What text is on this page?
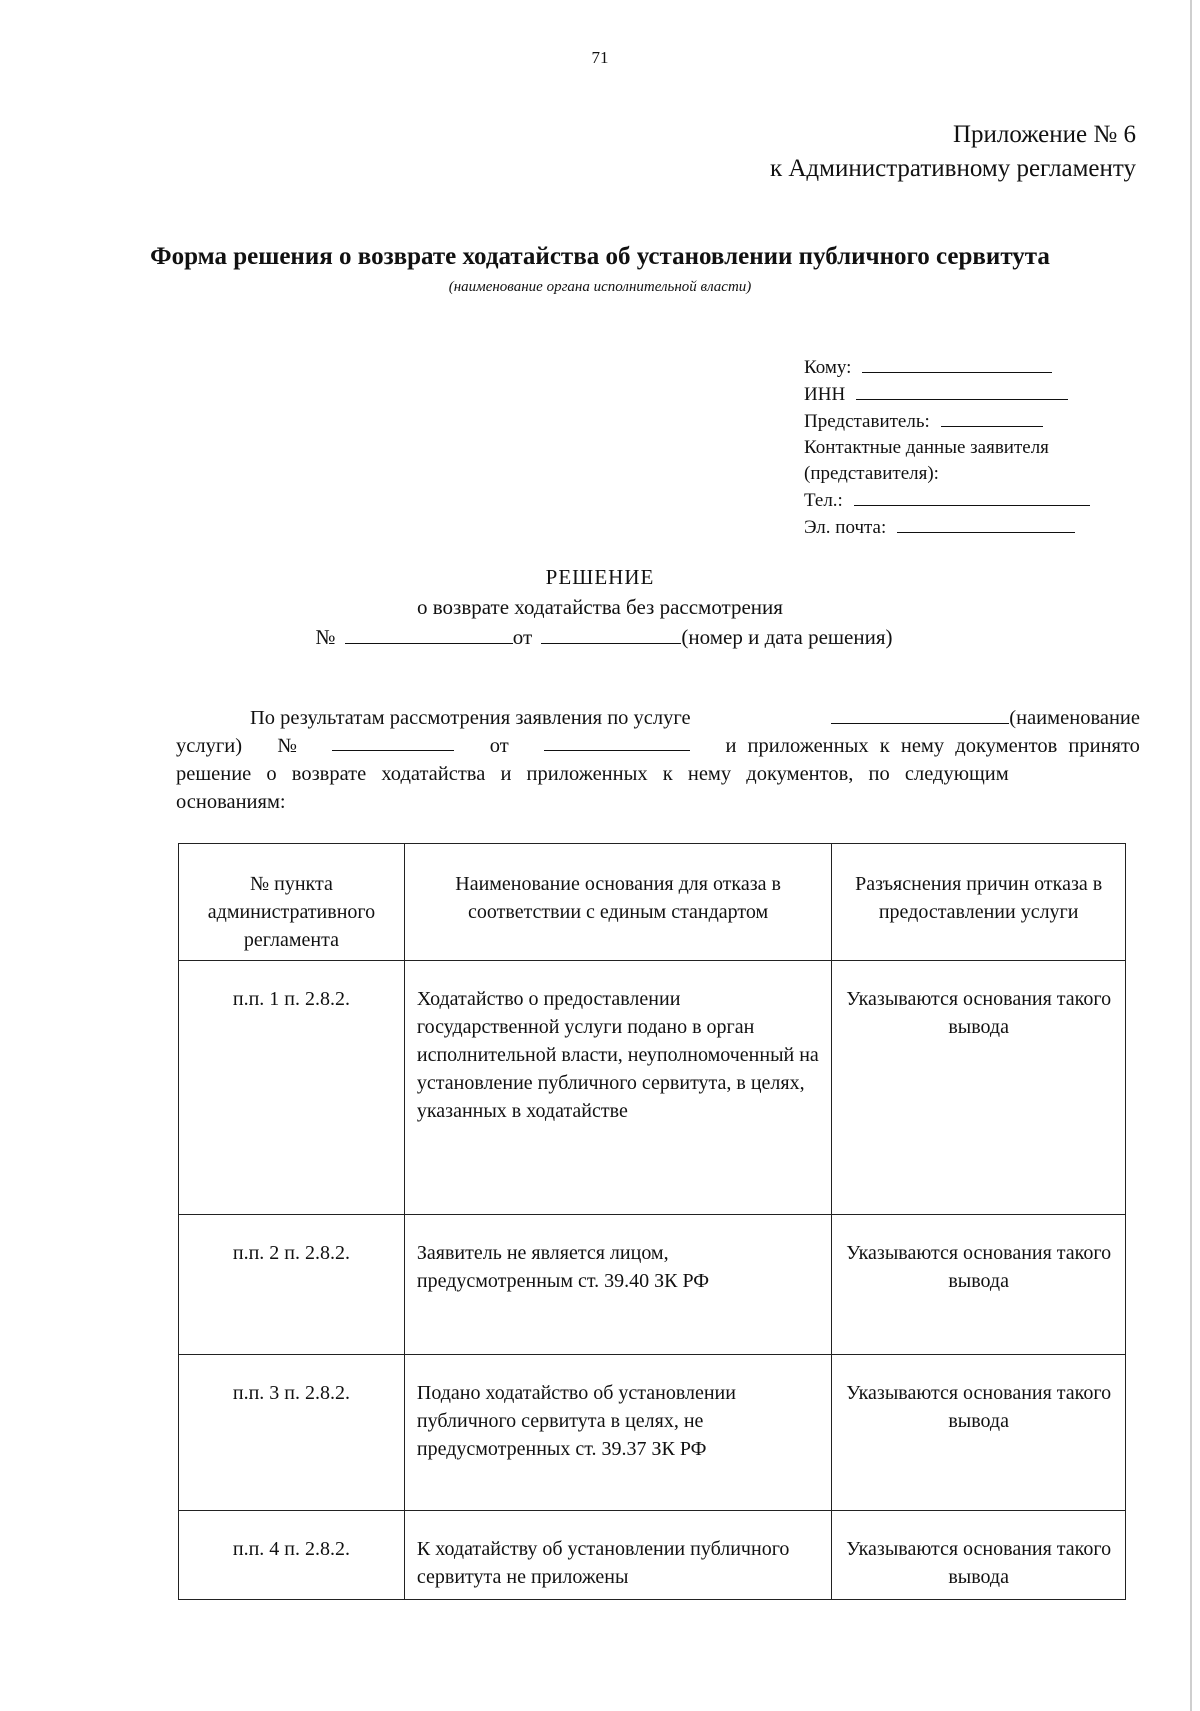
71
Приложение № 6
к Административному регламенту
Форма решения о возврате ходатайства об установлении публичного сервитута
(наименование органа исполнительной власти)
Кому:
ИНН
Представитель:
Контактные данные заявителя
(представителя):
Тел.:
Эл. почта:
РЕШЕНИЕ
о возврате ходатайства без рассмотрения
№	от	(номер и дата решения)
По результатам рассмотрения заявления по услуге	(наименование
услуги) №	от	и приложенных к нему документов принято
решение о возврате ходатайства и приложенных к нему документов, по следующим
основаниям:
№ пункта административного регламента	Наименование основания для отказа в соответствии с единым стандартом	Разъяснения причин отказа в предоставлении услуги
п.п. 1 п. 2.8.2.	Ходатайство о предоставлении государственной услуги подано в орган исполнительной власти, неуполномоченный на установление публичного сервитута, в целях, указанных в ходатайстве	Указываются основания такого вывода
п.п. 2 п. 2.8.2.	Заявитель не является лицом, предусмотренным ст. 39.40 ЗК РФ	Указываются основания такого вывода
п.п. 3 п. 2.8.2.	Подано ходатайство об установлении публичного сервитута в целях, не предусмотренных ст. 39.37 ЗК РФ	Указываются основания такого вывода
п.п. 4 п. 2.8.2.	К ходатайству об установлении публичного сервитута не приложены	Указываются основания такого вывода
